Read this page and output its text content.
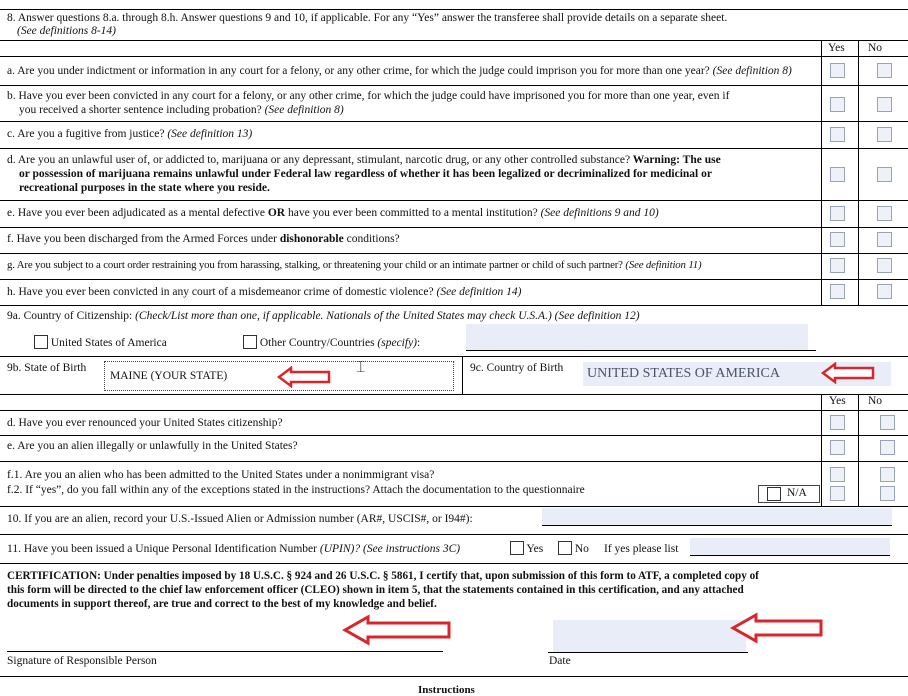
8. Answer questions 8.a. through 8.h. Answer questions 9 and 10, if applicable. For any “Yes” answer the transferee shall provide details on a separate sheet.
(See definitions 8-14)
Yes No
a. Are you under indictment or information in any court for a felony, or any other crime, for which the judge could imprison you for more than one year? (See definition 8)
b. Have you ever been convicted in any court for a felony, or any other crime, for which the judge could have imprisoned you for more than one year, even if
you received a shorter sentence including probation? (See definition 8)
c. Are you a fugitive from justice? (See definition 13)
d. Are you an unlawful user of, or addicted to, marijuana or any depressant, stimulant, narcotic drug, or any other controlled substance? Warning: The use
or possession of marijuana remains unlawful under Federal law regardless of whether it has been legalized or decriminalized for medicinal or
recreational purposes in the state where you reside.
e. Have you ever been adjudicated as a mental defective OR have you ever been committed to a mental institution? (See definitions 9 and 10)
f. Have you been discharged from the Armed Forces under dishonorable conditions?
g. Are you subject to a court order restraining you from harassing, stalking, or threatening your child or an intimate partner or child of such partner? (See definition 11)
h. Have you ever been convicted in any court of a misdemeanor crime of domestic violence? (See definition 14)
9a. Country of Citizenship: (Check/List more than one, if applicable. Nationals of the United States may check U.S.A.) (See definition 12)
United States of America	Other Country/Countries (specify):
9b. State of Birth
MAINE (YOUR STATE)
9c. Country of Birth UNITED STATES OF AMERICA
Yes No
d. Have you ever renounced your United States citizenship?
e. Are you an alien illegally or unlawfully in the United States?
f.1. Are you an alien who has been admitted to the United States under a nonimmigrant visa?
f.2. If “yes”, do you fall within any of the exceptions stated in the instructions? Attach the documentation to the questionnaire	N/A
10. If you are an alien, record your U.S.-Issued Alien or Admission number (AR#, USCIS#, or I94#):
11. Have you been issued a Unique Personal Identification Number (UPIN)? (See instructions 3C)	Yes	No If yes please list
CERTIFICATION: Under penalties imposed by 18 U.S.C. § 924 and 26 U.S.C. § 5861, I certify that, upon submission of this form to ATF, a completed copy of
this form will be directed to the chief law enforcement officer (CLEO) shown in item 5, that the statements contained in this certification, and any attached
documents in support thereof, are true and correct to the best of my knowledge and belief.
Signature of Responsible Person	Date
Instructions
⌶
